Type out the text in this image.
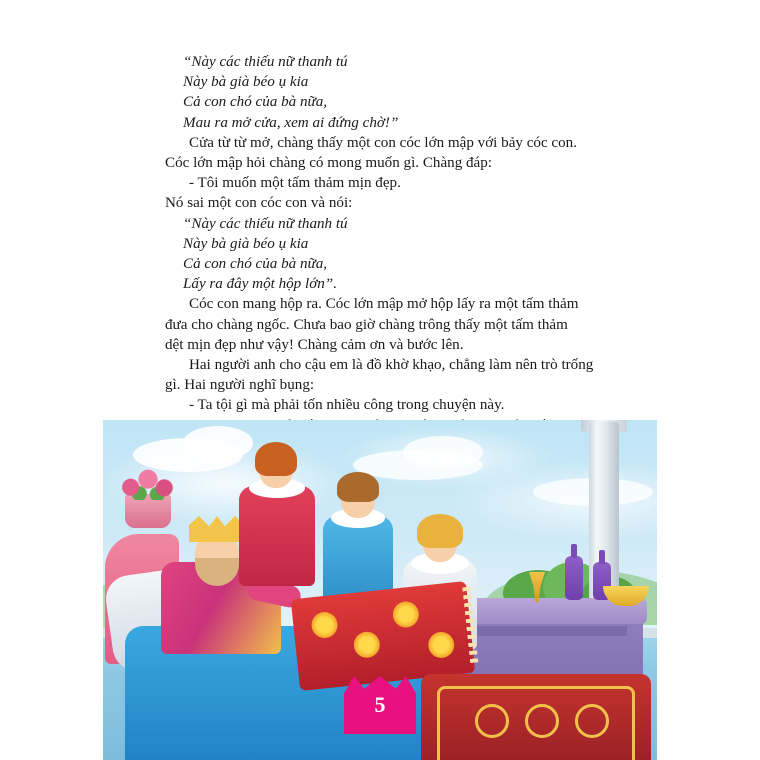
“Này các thiếu nữ thanh tú
Này bà già béo ụ kia
Cả con chó của bà nữa,
Mau ra mở cửa, xem ai đứng chờ!”
Cửa từ từ mở, chàng thấy một con cóc lớn mập với bảy cóc con.
Cóc lớn mập hỏi chàng có mong muốn gì. Chàng đáp:
- Tôi muốn một tấm thảm mịn đẹp.
Nó sai một con cóc con và nói:
“Này các thiếu nữ thanh tú
Này bà già béo ụ kia
Cả con chó của bà nữa,
Lấy ra đây một hộp lớn”.
Cóc con mang hộp ra. Cóc lớn mập mở hộp lấy ra một tấm thảm
đưa cho chàng ngốc. Chưa bao giờ chàng trông thấy một tấm thảm
dệt mịn đẹp như vậy! Chàng cảm ơn và bước lên.
Hai người anh cho cậu em là đồ khờ khạo, chẳng làm nên trò trống
gì. Hai người nghĩ bụng:
- Ta tội gì mà phải tốn nhiều công trong chuyện này.
5
